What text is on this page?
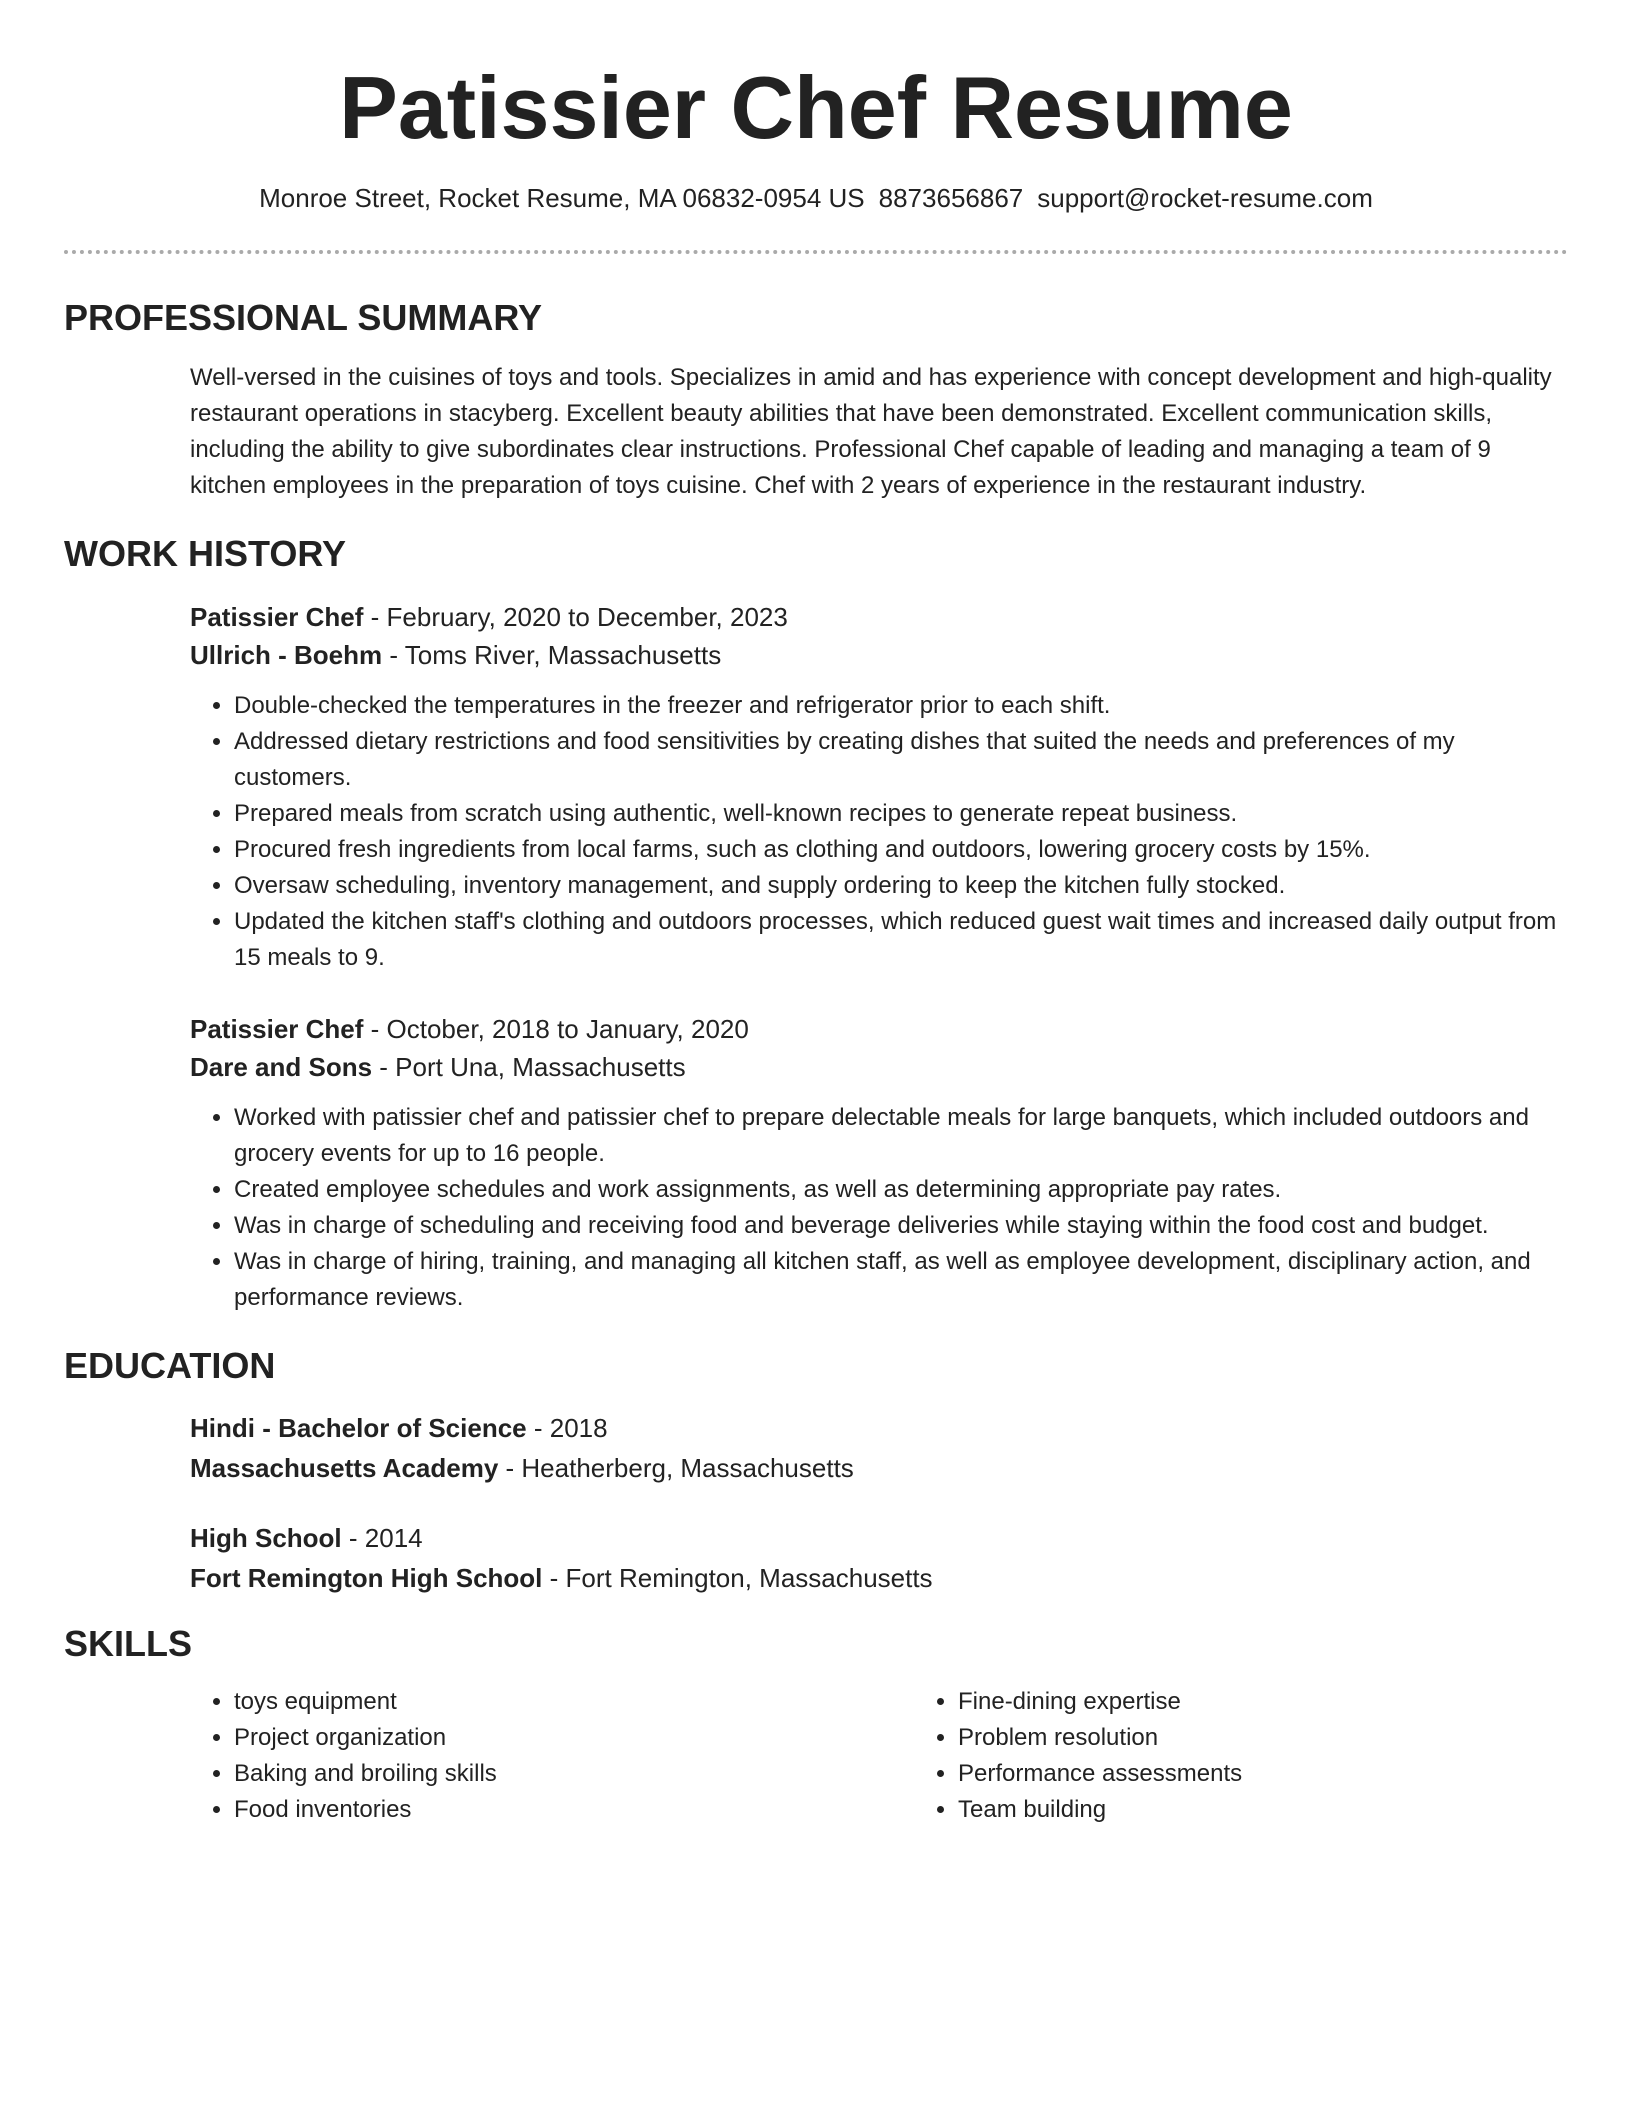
Patissier Chef Resume
Monroe Street, Rocket Resume, MA 06832-0954 US 8873656867 support@rocket-resume.com
PROFESSIONAL SUMMARY

Well-versed in the cuisines of toys and tools. Specializes in amid and has experience with concept development and high-quality restaurant operations in stacyberg. Excellent beauty abilities that have been demonstrated. Excellent communication skills, including the ability to give subordinates clear instructions. Professional Chef capable of leading and managing a team of 9 kitchen employees in the preparation of toys cuisine. Chef with 2 years of experience in the restaurant industry.

WORK HISTORY

Patissier Chef - February, 2020 to December, 2023

Ullrich - Boehm - Toms River, Massachusetts

• Double-checked the temperatures in the freezer and refrigerator prior to each shift.
• Addressed dietary restrictions and food sensitivities by creating dishes that suited the needs and preferences of my customers.
• Prepared meals from scratch using authentic, well-known recipes to generate repeat business.
• Procured fresh ingredients from local farms, such as clothing and outdoors, lowering grocery costs by 15%.
• Oversaw scheduling, inventory management, and supply ordering to keep the kitchen fully stocked.
• Updated the kitchen staff's clothing and outdoors processes, which reduced guest wait times and increased daily output from 15 meals to 9.

Patissier Chef - October, 2018 to January, 2020

Dare and Sons - Port Una, Massachusetts

• Worked with patissier chef and patissier chef to prepare delectable meals for large banquets, which included outdoors and grocery events for up to 16 people.
• Created employee schedules and work assignments, as well as determining appropriate pay rates.
• Was in charge of scheduling and receiving food and beverage deliveries while staying within the food cost and budget.
• Was in charge of hiring, training, and managing all kitchen staff, as well as employee development, disciplinary action, and performance reviews.
EDUCATION

Hindi - Bachelor of Science - 2018

Massachusetts Academy - Heatherberg, Massachusetts

High School - 2014

Fort Remington High School - Fort Remington, Massachusetts

SKILLS
• toys equipment
• Project organization
• Baking and broiling skills
• Food inventories
• Fine-dining expertise
• Problem resolution
• Performance assessments
• Team building
